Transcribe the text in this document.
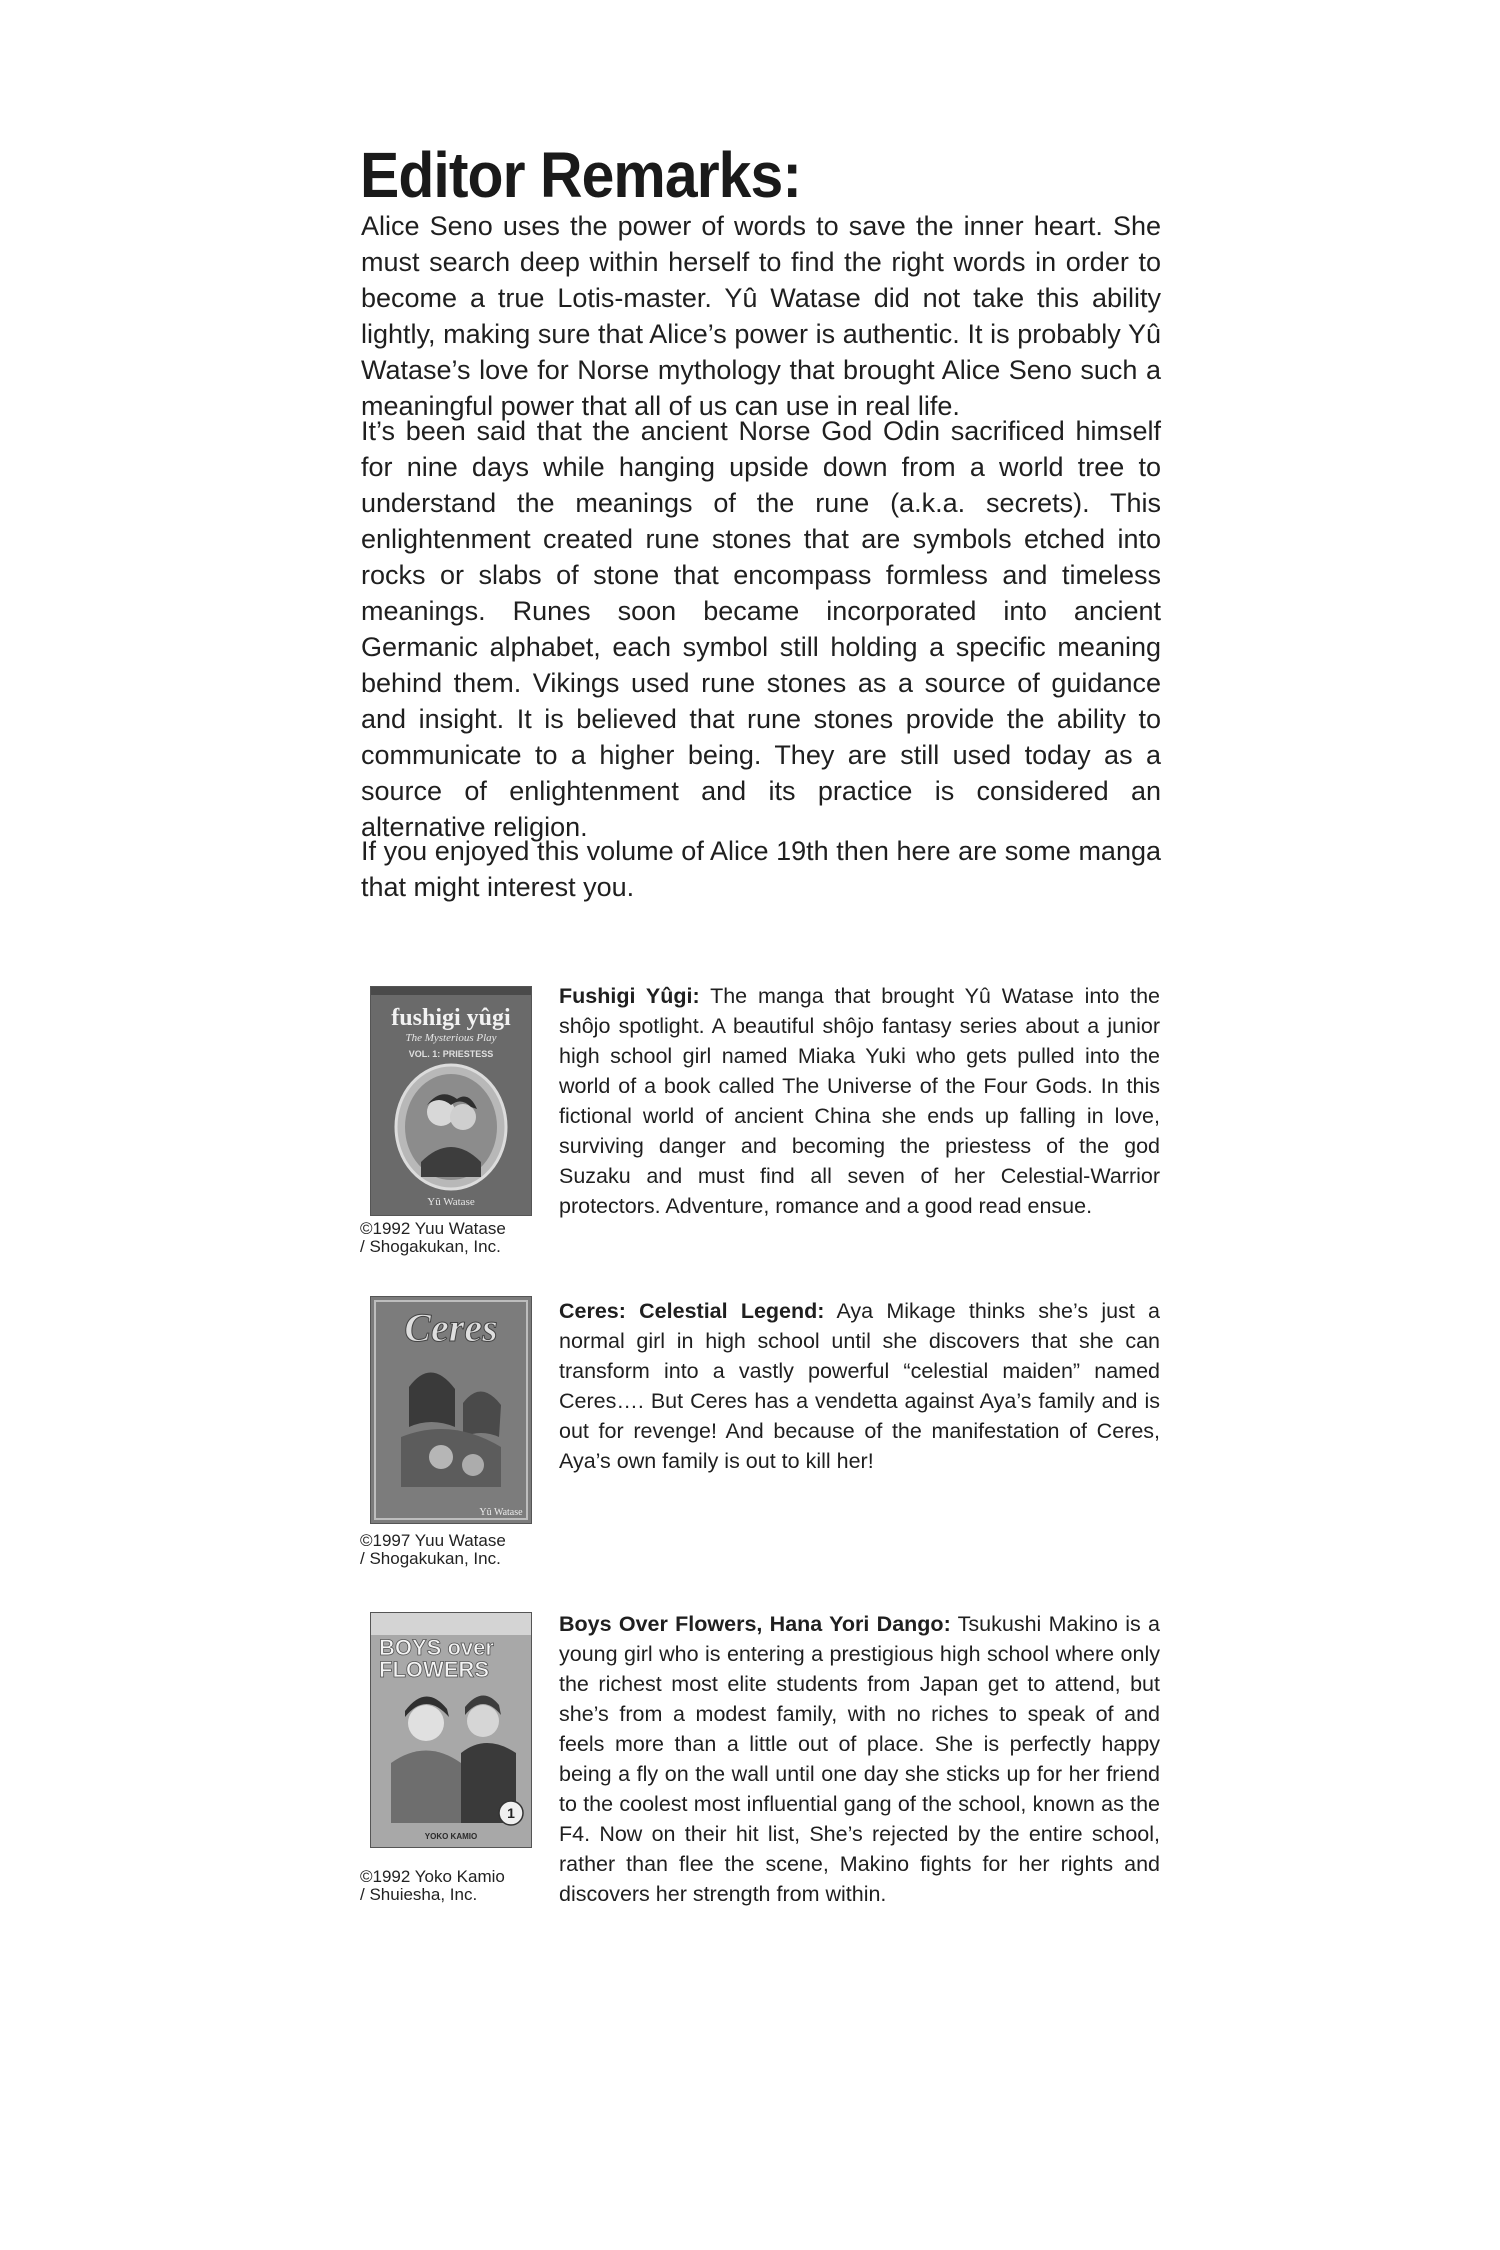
Editor Remarks:

Alice Seno uses the power of words to save the inner heart. She must search deep within herself to find the right words in order to become a true Lotis-master. Yû Watase did not take this ability lightly, making sure that Alice’s power is authentic. It is probably Yû Watase’s love for Norse mythology that brought Alice Seno such a meaningful power that all of us can use in real life.

It’s been said that the ancient Norse God Odin sacrificed himself for nine days while hanging upside down from a world tree to understand the meanings of the rune (a.k.a. secrets). This enlightenment created rune stones that are symbols etched into rocks or slabs of stone that encompass formless and timeless meanings. Runes soon became incorporated into ancient Germanic alphabet, each symbol still holding a specific meaning behind them. Vikings used rune stones as a source of guidance and insight. It is believed that rune stones provide the ability to communicate to a higher being. They are still used today as a source of enlightenment and its practice is considered an alternative religion.

If you enjoyed this volume of Alice 19th then here are some manga that might interest you.

fushigi yûgi
The Mysterious Play
VOL. 1: PRIESTESS
Yû Watase

©1992 Yuu Watase
/ Shogakukan, Inc.

Fushigi Yûgi: The manga that brought Yû Watase into the shôjo spotlight. A beautiful shôjo fantasy series about a junior high school girl named Miaka Yuki who gets pulled into the world of a book called The Universe of the Four Gods. In this fictional world of ancient China she ends up falling in love, surviving danger and becoming the priestess of the god Suzaku and must find all seven of her Celestial-Warrior protectors. Adventure, romance and a good read ensue.

Ceres
Yû Watase

©1997 Yuu Watase
/ Shogakukan, Inc.

Ceres: Celestial Legend: Aya Mikage thinks she’s just a normal girl in high school until she discovers that she can transform into a vastly powerful “celestial maiden” named Ceres…. But Ceres has a vendetta against Aya’s family and is out for revenge! And because of the manifestation of Ceres, Aya’s own family is out to kill her!

BOYS over
FLOWERS
1
YOKO KAMIO

©1992 Yoko Kamio
/ Shuiesha, Inc.

Boys Over Flowers, Hana Yori Dango: Tsukushi Makino is a young girl who is entering a prestigious high school where only the richest most elite students from Japan get to attend, but she’s from a modest family, with no riches to speak of and feels more than a little out of place. She is perfectly happy being a fly on the wall until one day she sticks up for her friend to the coolest most influential gang of the school, known as the F4. Now on their hit list, She’s rejected by the entire school, rather than flee the scene, Makino fights for her rights and discovers her strength from within.
